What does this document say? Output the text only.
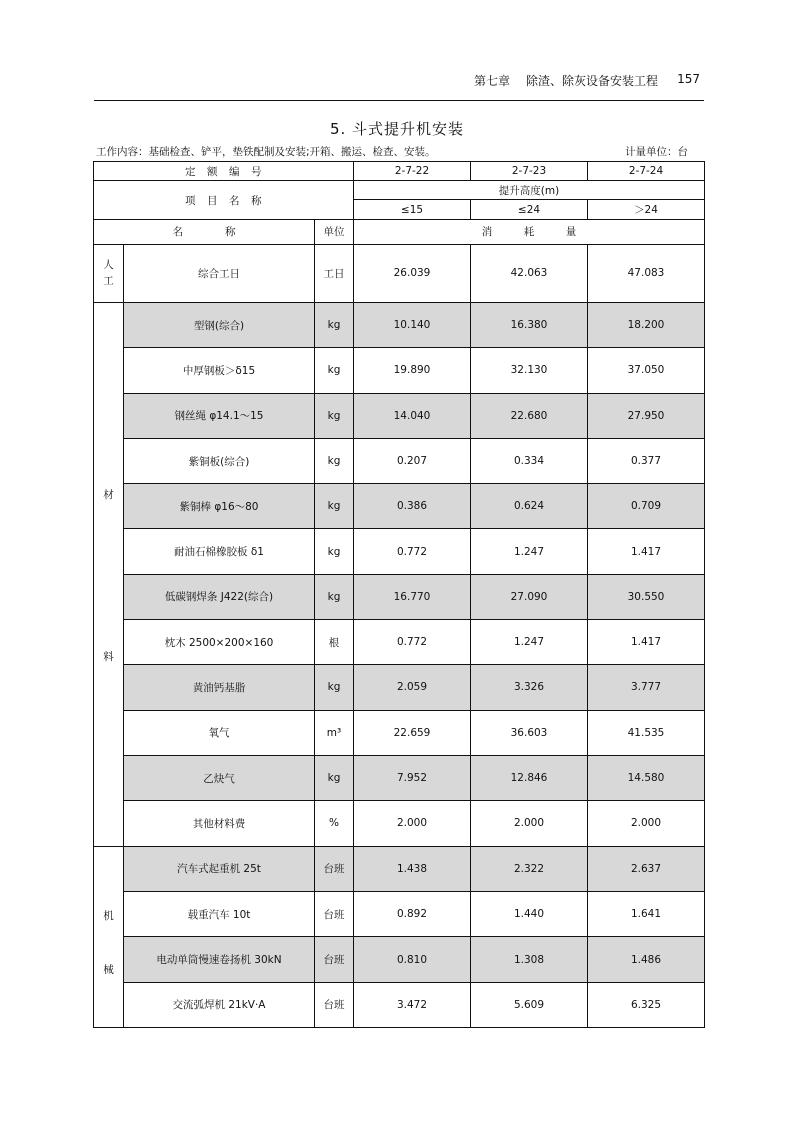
第七章 除渣、除灰设备安装工程 157
5. 斗式提升机安装
工作内容：基础检查、铲平，垫铁配制及安装;开箱、搬运、检查、安装。	计量单位：台
定　额　编　号			2-7-22	2-7-23	2-7-24
项　目　名　称			提升高度(m)		
			≤15	≤24	＞24
名　　　　称		单位	消　　　耗　　　量		

人
工	综合工日	工日	26.039	42.063	47.083

材
料	型钢(综合)	kg	10.140	16.380	18.200
	中厚钢板＞δ15	kg	19.890	32.130	37.050
	钢丝绳 φ14.1～15	kg	14.040	22.680	27.950
	紫铜板(综合)	kg	0.207	0.334	0.377
	紫铜棒 φ16～80	kg	0.386	0.624	0.709
	耐油石棉橡胶板 δ1	kg	0.772	1.247	1.417
	低碳钢焊条 J422(综合)	kg	16.770	27.090	30.550
	枕木 2500×200×160	根	0.772	1.247	1.417
	黄油钙基脂	kg	2.059	3.326	3.777
	氧气	m³	22.659	36.603	41.535
	乙炔气	kg	7.952	12.846	14.580
	其他材料费	%	2.000	2.000	2.000

机
械	汽车式起重机 25t	台班	1.438	2.322	2.637
	载重汽车 10t	台班	0.892	1.440	1.641
	电动单筒慢速卷扬机 30kN	台班	0.810	1.308	1.486
	交流弧焊机 21kV·A	台班	3.472	5.609	6.325
